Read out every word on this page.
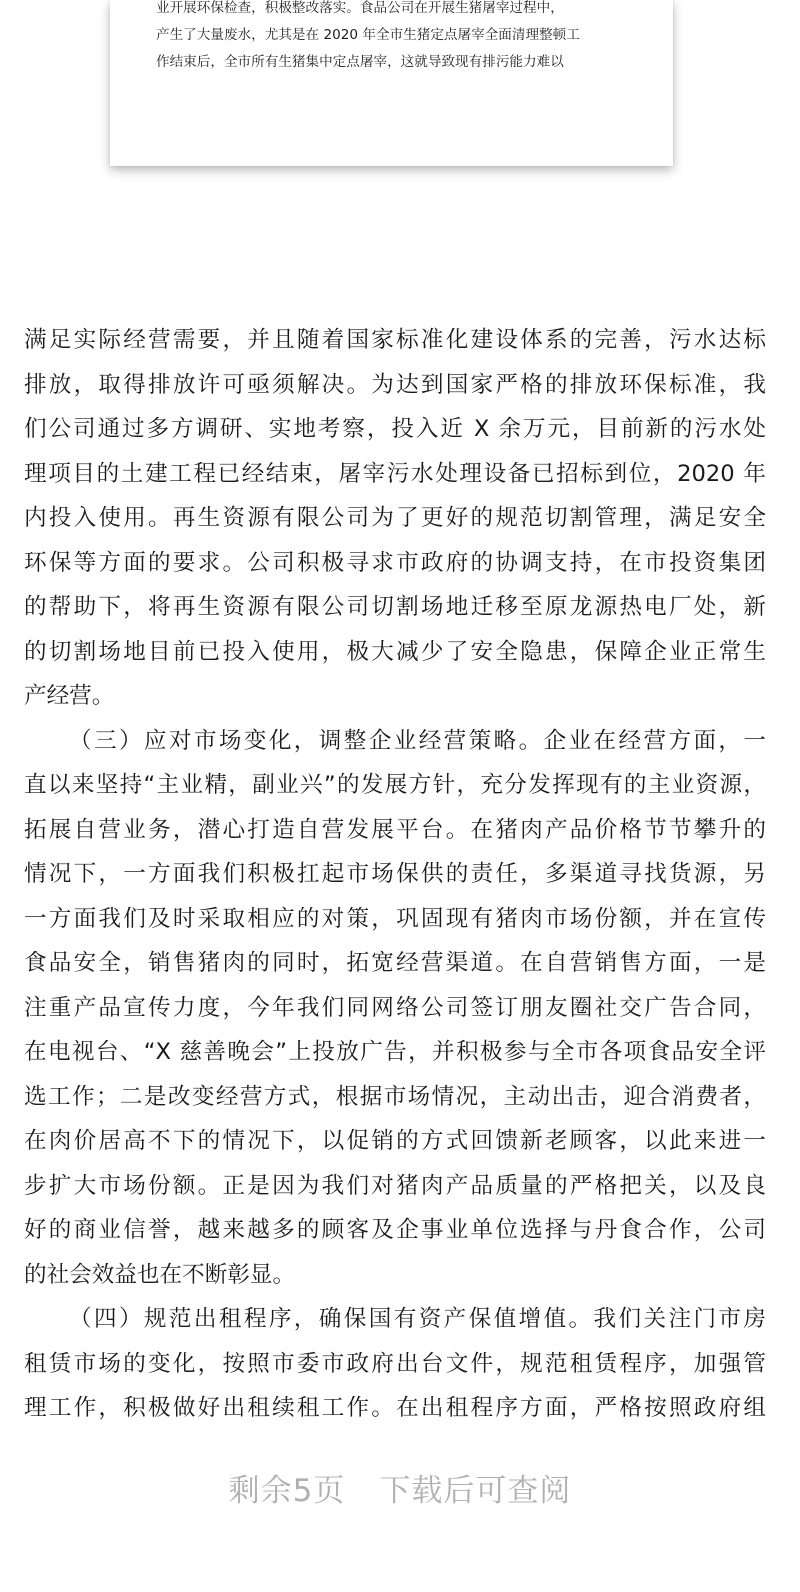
业开展环保检查，积极整改落实。食品公司在开展生猪屠宰过程中，
产生了大量废水，尤其是在 2020 年全市生猪定点屠宰全面清理整顿工
作结束后，全市所有生猪集中定点屠宰，这就导致现有排污能力难以
满足实际经营需要，并且随着国家标准化建设体系的完善，污水达标
排放，取得排放许可亟须解决。为达到国家严格的排放环保标准，我
们公司通过多方调研、实地考察，投入近 X 余万元，目前新的污水处
理项目的土建工程已经结束，屠宰污水处理设备已招标到位，2020 年
内投入使用。再生资源有限公司为了更好的规范切割管理，满足安全
环保等方面的要求。公司积极寻求市政府的协调支持，在市投资集团
的帮助下，将再生资源有限公司切割场地迁移至原龙源热电厂处，新
的切割场地目前已投入使用，极大减少了安全隐患，保障企业正常生
产经营。
（三）应对市场变化，调整企业经营策略。企业在经营方面，一
直以来坚持“主业精，副业兴”的发展方针，充分发挥现有的主业资源，
拓展自营业务，潜心打造自营发展平台。在猪肉产品价格节节攀升的
情况下，一方面我们积极扛起市场保供的责任，多渠道寻找货源，另
一方面我们及时采取相应的对策，巩固现有猪肉市场份额，并在宣传
食品安全，销售猪肉的同时，拓宽经营渠道。在自营销售方面，一是
注重产品宣传力度，今年我们同网络公司签订朋友圈社交广告合同，
在电视台、“X 慈善晚会”上投放广告，并积极参与全市各项食品安全评
选工作；二是改变经营方式，根据市场情况，主动出击，迎合消费者，
在肉价居高不下的情况下，以促销的方式回馈新老顾客，以此来进一
步扩大市场份额。正是因为我们对猪肉产品质量的严格把关，以及良
好的商业信誉，越来越多的顾客及企事业单位选择与丹食合作，公司
的社会效益也在不断彰显。
（四）规范出租程序，确保国有资产保值增值。我们关注门市房
租赁市场的变化，按照市委市政府出台文件，规范租赁程序，加强管
理工作，积极做好出租续租工作。在出租程序方面，严格按照政府组
剩余5页 下载后可查阅
